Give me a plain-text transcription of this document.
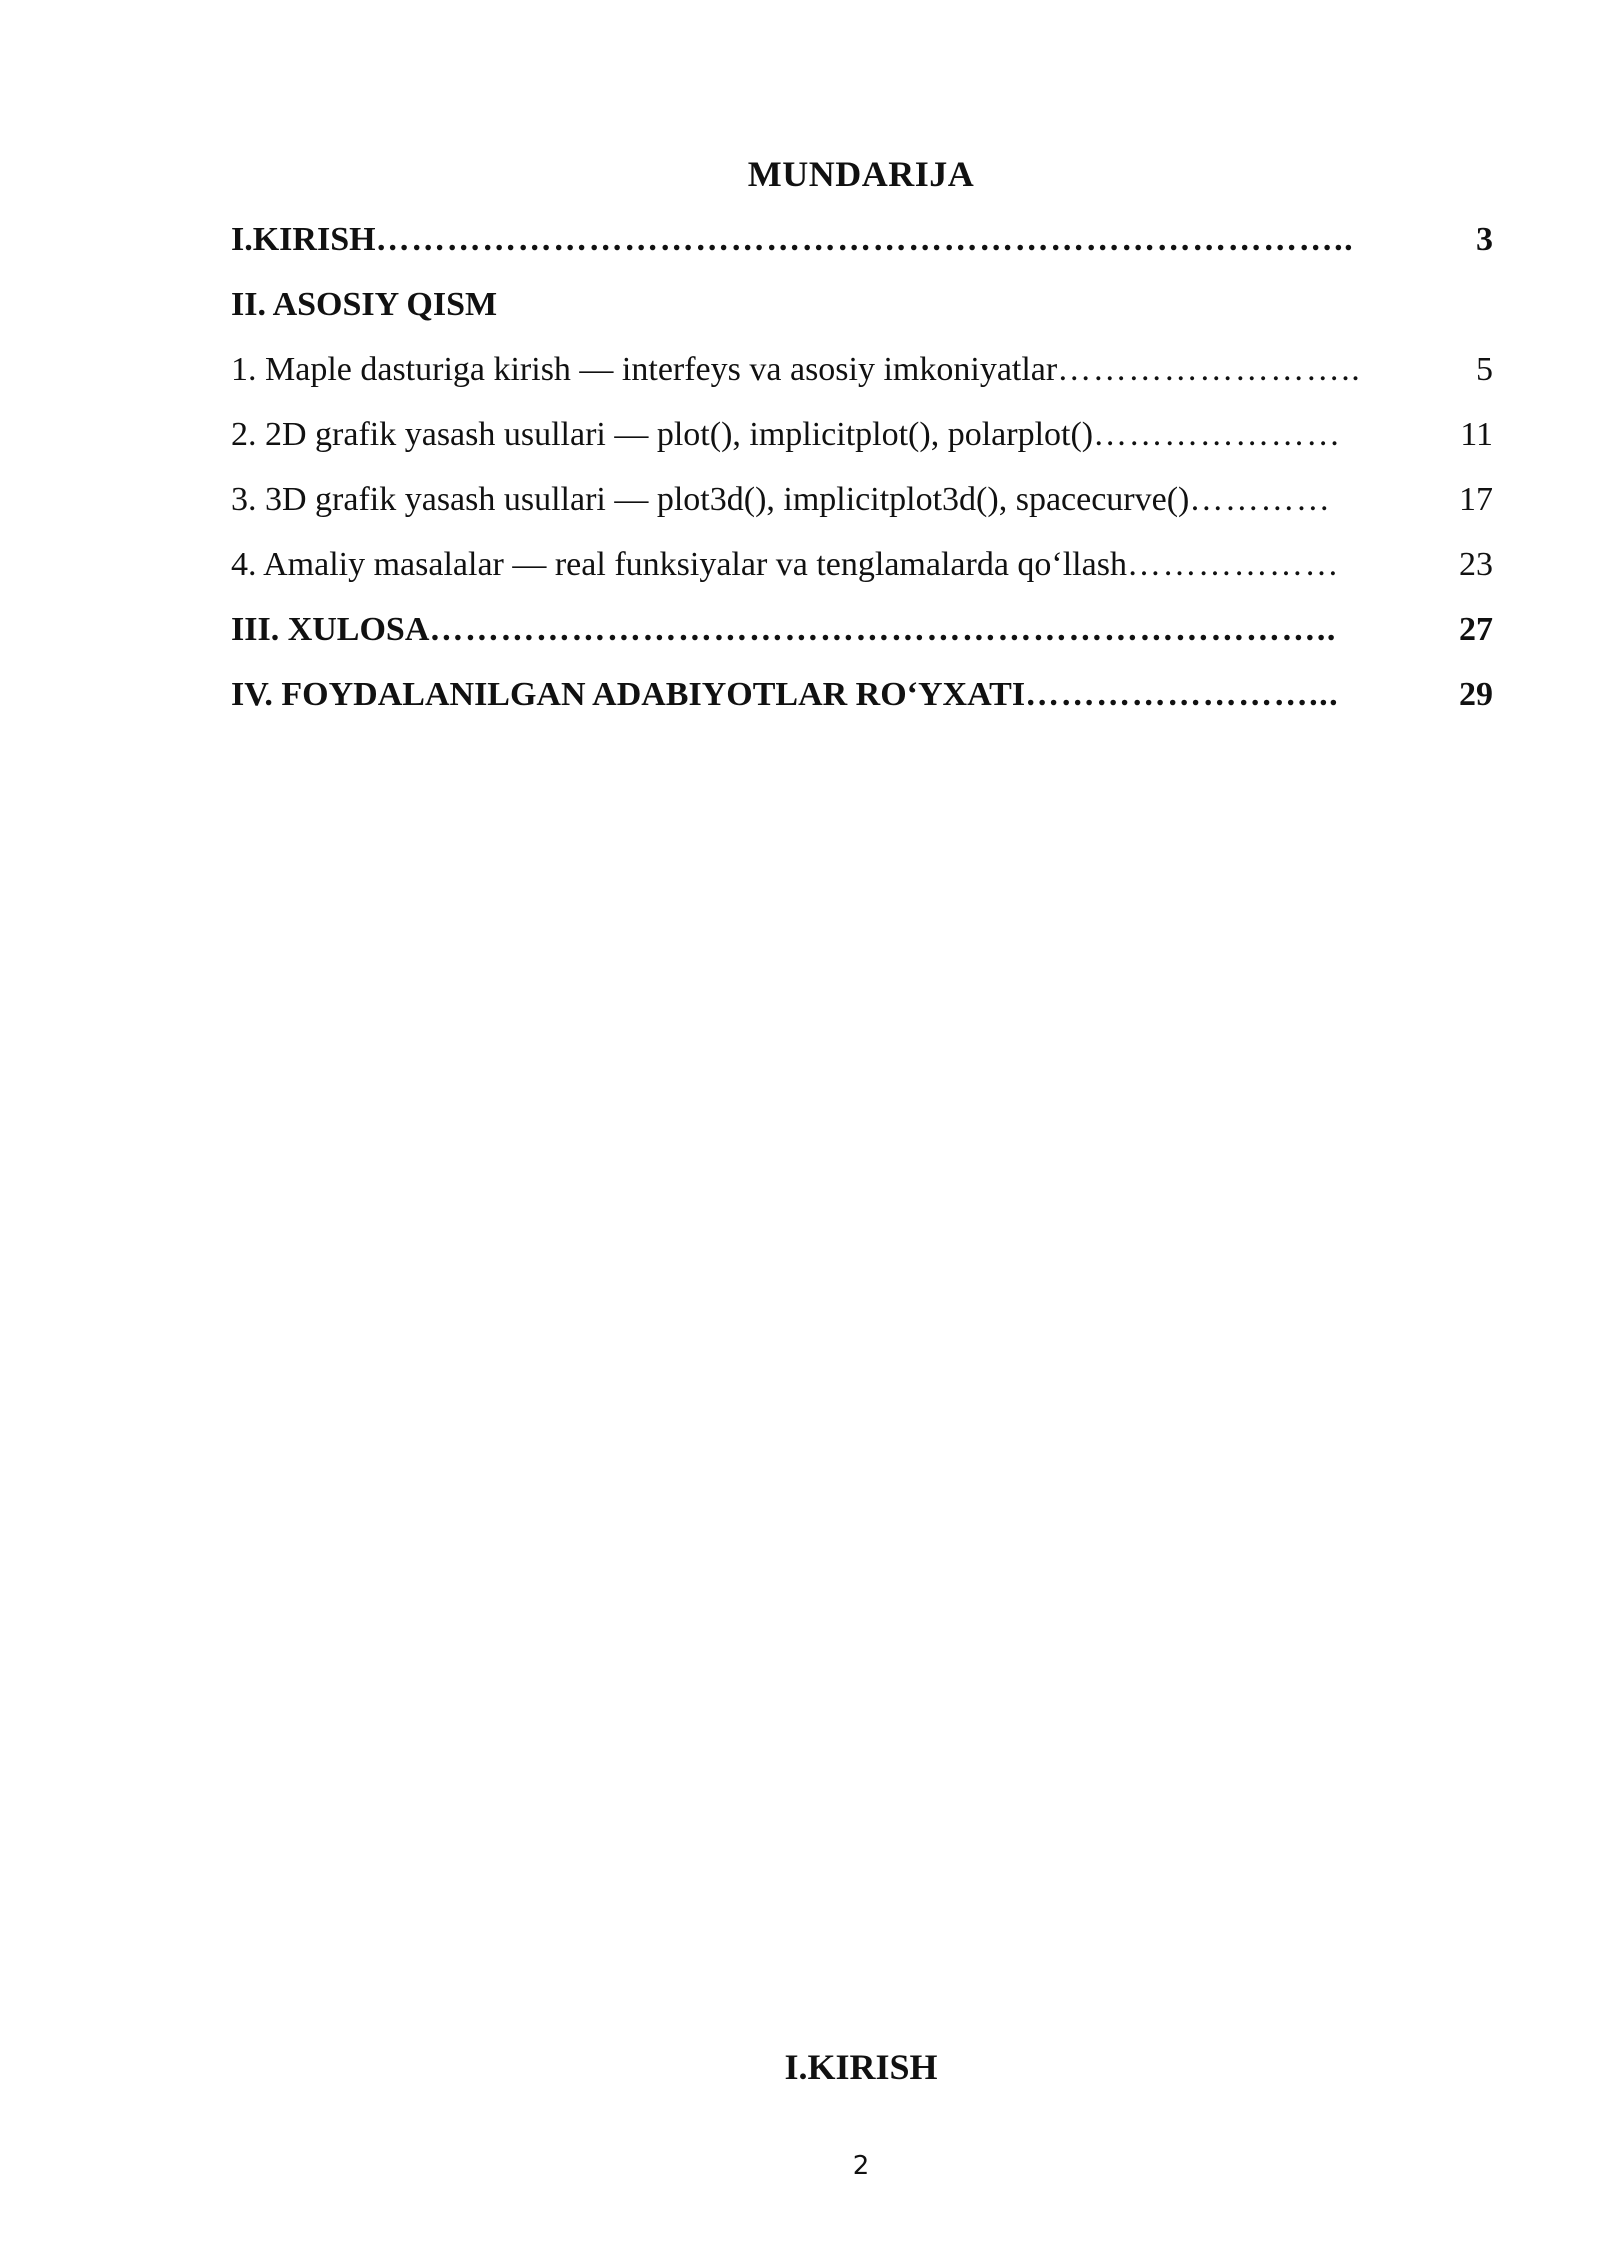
MUNDARIJA
I.KIRISH ………………………………………………………………………..	3
II. ASOSIY QISM
1. Maple dasturiga kirish — interfeys va asosiy imkoniyatlar ……………………..	5
2. 2D grafik yasash usullari — plot(), implicitplot(), polarplot() …………………	11
3. 3D grafik yasash usullari — plot3d(), implicitplot3d(), spacecurve() …………	17
4. Amaliy masalalar — real funksiyalar va tenglamalarda qo‘llash ………………	23
III. XULOSA …………………………………………………………………..	27
IV. FOYDALANILGAN ADABIYOTLAR RO‘YXATI ……………………...	29
I.KIRISH
2
